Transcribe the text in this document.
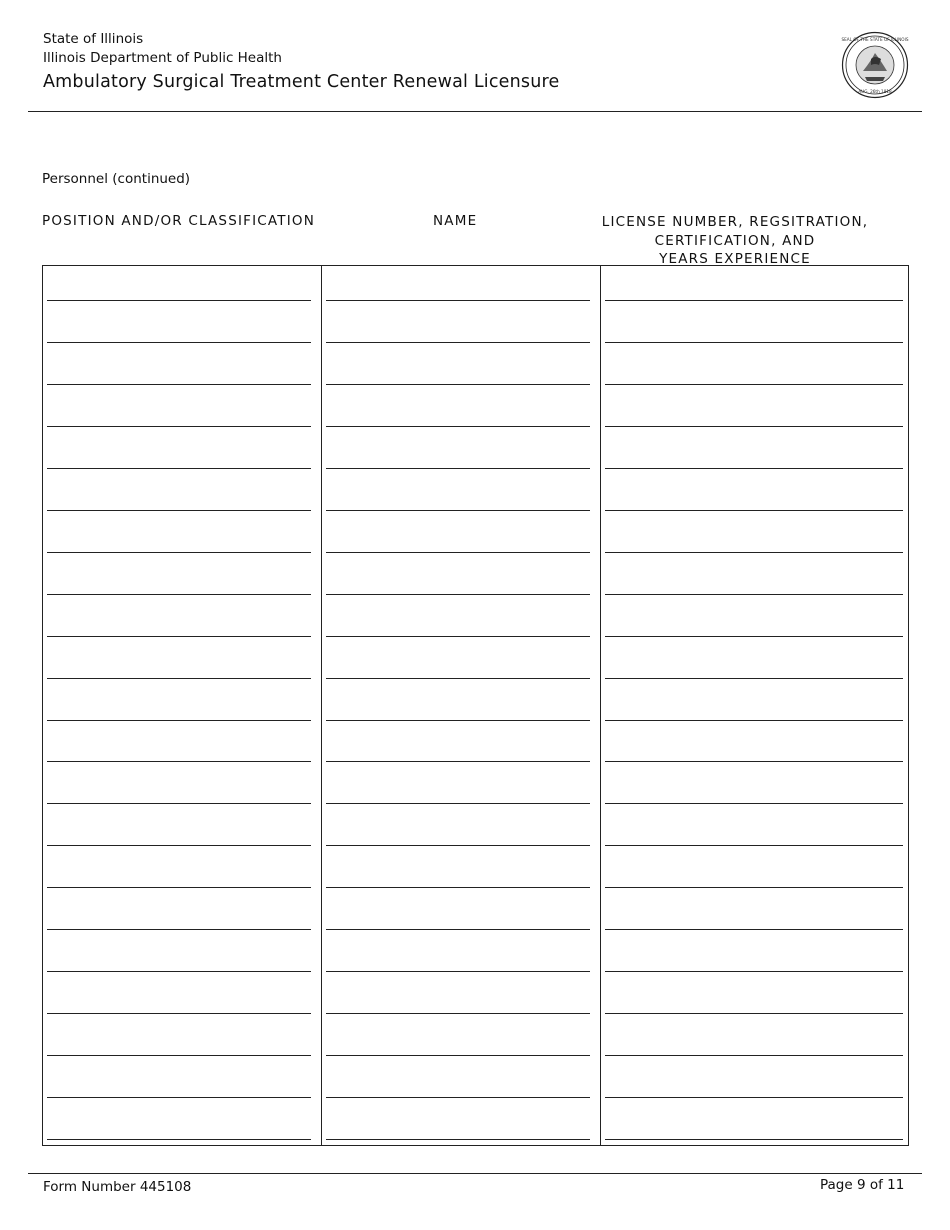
State of Illinois
Illinois Department of Public Health
Ambulatory Surgical Treatment Center Renewal Licensure
SEAL OF THE STATE OF ILLINOIS
AUG. 26th 1818
Personnel (continued)
POSITION AND/OR CLASSIFICATION	NAME	LICENSE NUMBER, REGSITRATION,
CERTIFICATION, AND
YEARS EXPERIENCE
Form Number 445108	Page 9 of 11
